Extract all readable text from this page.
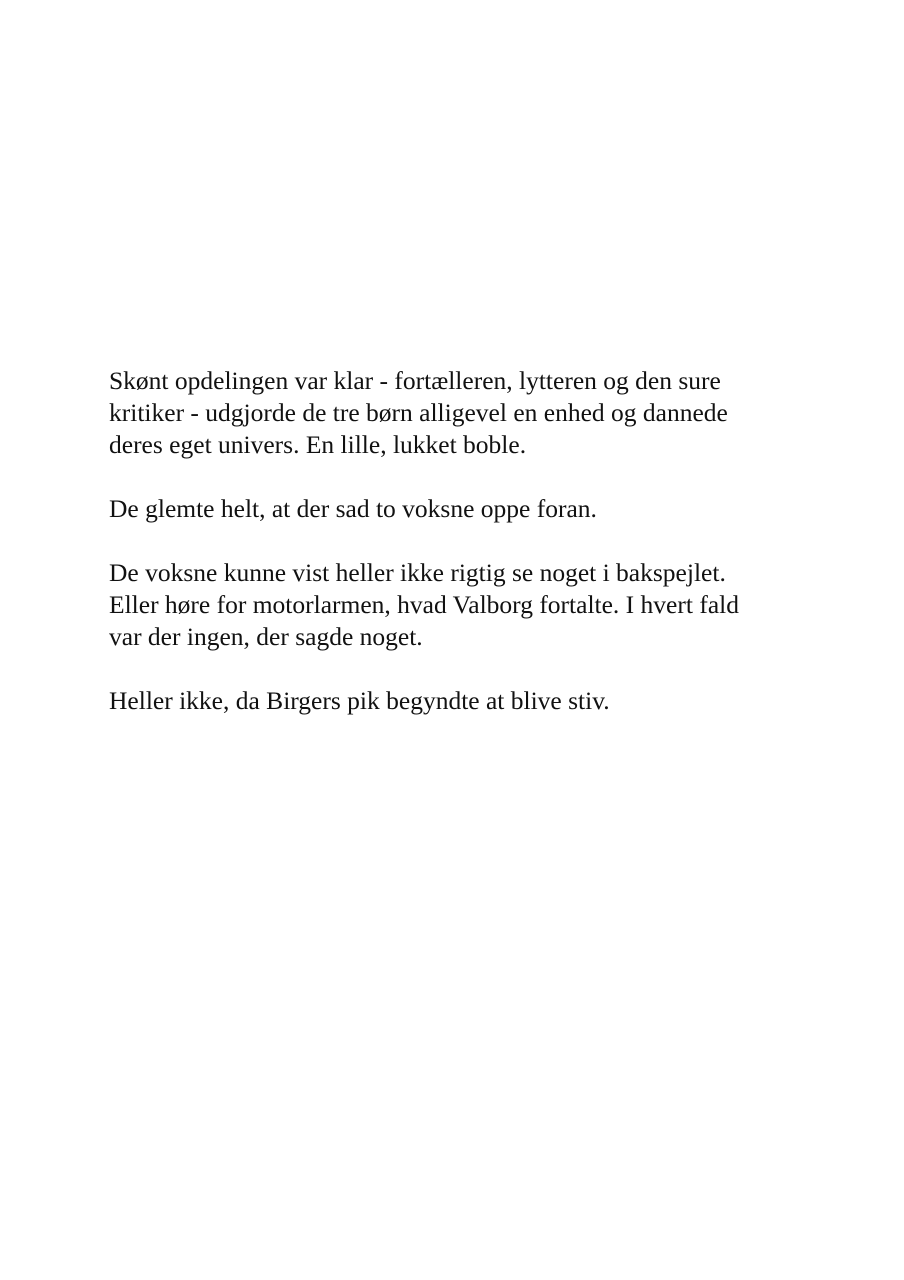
Skønt opdelingen var klar - fortælleren, lytteren og den sure
kritiker - udgjorde de tre børn alligevel en enhed og dannede
deres eget univers. En lille, lukket boble.

De glemte helt, at der sad to voksne oppe foran.

De voksne kunne vist heller ikke rigtig se noget i bakspejlet.
Eller høre for motorlarmen, hvad Valborg fortalte. I hvert fald
var der ingen, der sagde noget.

Heller ikke, da Birgers pik begyndte at blive stiv.
